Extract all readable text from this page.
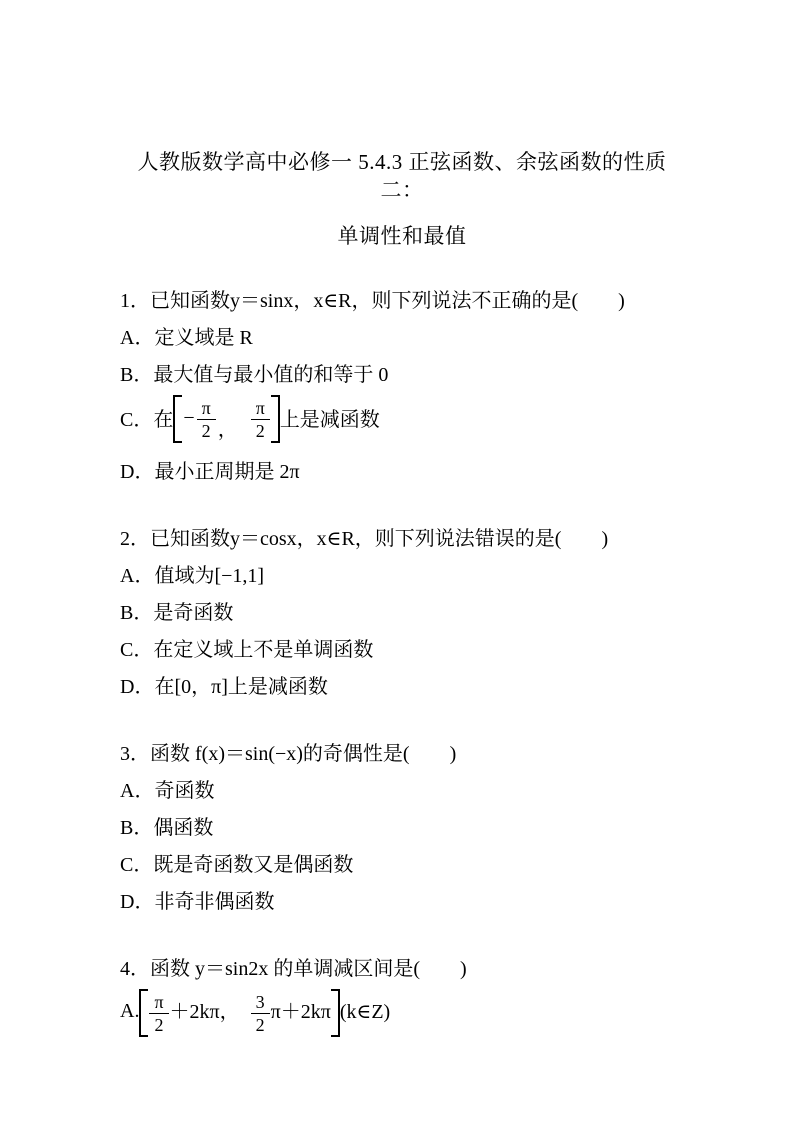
人教版数学高中必修一 5.4.3 正弦函数、余弦函数的性质二：
单调性和最值
1．已知函数y＝sinx，x∈R，则下列说法不正确的是(　　)
A．定义域是 R
B．最大值与最小值的和等于 0
C．在 − $\frac{\pi}{2}$ ， $\frac{\pi}{2}$ 上是减函数
D．最小正周期是 2π
2．已知函数y＝cosx，x∈R，则下列说法错误的是(　　)
A．值域为[−1,1]
B．是奇函数
C．在定义域上不是单调函数
D．在[0，π]上是减函数
3．函数 f(x)＝sin(−x)的奇偶性是(　　)
A．奇函数
B．偶函数
C．既是奇函数又是偶函数
D．非奇非偶函数
4．函数 y＝sin2x 的单调减区间是(　　)
A. $\frac{\pi}{2} +2k\pi$， $\frac{3}{2} \pi+2k\pi$ (k∈Z)
